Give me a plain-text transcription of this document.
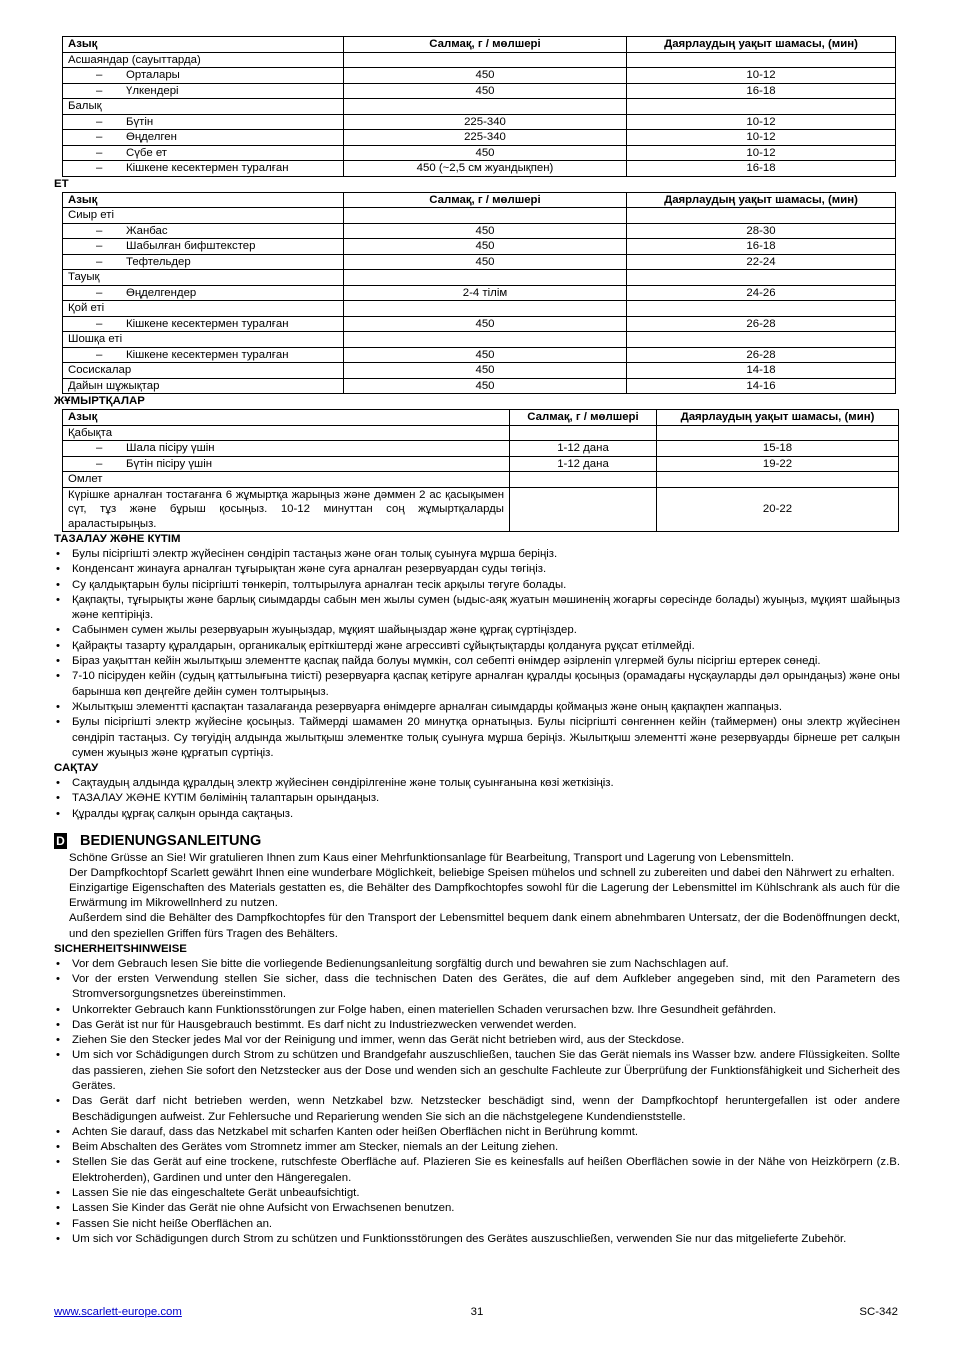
Азық	Салмақ, г / мөлшері	Даярлаудың уақыт шамасы, (мин)
Асшаяндар (сауыттарда)		

– Орталары	450	10-12

– Үлкендері	450	16-18
Балық		

– Бүтін	225-340	10-12

– Өңделген	225-340	10-12

– Сүбе ет	450	10-12

– Кішкене кесектермен туралған	450 (~2,5 см жуандықпен)	16-18
ЕТ
Азық	Салмақ, г / мөлшері	Даярлаудың уақыт шамасы, (мин)
Сиыр еті		

– Жанбас	450	28-30

– Шабылған бифштекстер	450	16-18

– Тефтельдер	450	22-24
Тауық		

– Өңделгендер	2-4 тілім	24-26
Қой еті		

– Кішкене кесектермен туралған	450	26-28
Шошқа еті		

– Кішкене кесектермен туралған	450	26-28
Сосискалар	450	14-18
Дайын шұжықтар	450	14-16
ЖҰМЫРТҚАЛАР
Азық	Салмақ, г / мөлшері	Даярлаудың уақыт шамасы, (мин)
Қабықта		

– Шала пісіру үшін	1-12 дана	15-18

– Бүтін пісіру үшін	1-12 дана	19-22
Омлет		
Күрішке арналған тостағанға 6 жұмыртқа жарыңыз және дәммен 2 ас қасықымен сүт, тұз және бұрыш қосыңыз. 10-12 минуттан соң жұмыртқаларды араластырыңыз.		20-22
ТАЗАЛАУ ЖӘНЕ КҮТІМ
• Булы пісіргішті электр жүйесінен сөндіріп тастаңыз және оған толық суынуға мұрша беріңіз.
• Конденсант жинауға арналған тұғырықтан және суға арналған резервуардан суды төгіңіз.
• Су қалдықтарын булы пісіргішті төнкеріп, толтырылуға арналған тесік арқылы төгуге болады.
• Қақпақты, тұғырықты және барлық сиымдарды сабын мен жылы сумен (ыдыс-аяқ жуатын мәшиненің жоғарғы сөресінде болады) жуыңыз, мұқият шайыңыз және кептіріңіз.
• Сабынмен сумен жылы резервуарын жуыңыздар, мұқият шайыңыздар және құрғақ сүртіңіздер.
• Қайрақты тазарту құралдарын, органикалық еріткіштерді және агрессивті сұйықтықтарды қолдануға рұқсат етілмейді.
• Біраз уақыттан кейін жылытқыш элементте қаспақ пайда болуы мүмкін, сол себепті өнімдер әзірленіп үлгермей булы пісіргіш ертерек сөнеді.
• 7-10 пісіруден кейін (судың қаттылығына тиісті) резервуарға қаспақ кетіруге арналған құралды қосыңыз (орамадағы нұсқауларды дәл орындаңыз) және оны барынша көп деңгейге дейін сумен толтырыңыз.
• Жылытқыш элементті қаспақтан тазалағанда резервуарға өнімдерге арналған сиымдарды қоймаңыз және оның қақпақпен жаппаңыз.
• Булы пісіргішті электр жүйесіне қосыңыз. Таймерді шамамен 20 минутқа орнатыңыз. Булы пісіргішті сөнгеннен кейін (таймермен) оны электр жүйесінен сөндіріп тастаңыз. Су төгуідің алдында жылытқыш элементке толық суынуға мұрша беріңіз. Жылытқыш элементті және резервуарды бірнеше рет салқын сумен жуыңыз және құрғатып сүртіңіз.
САҚТАУ
• Сақтаудың алдында құралдың электр жүйесінен сөндірілгеніне және толық суынғанына көзі жеткізіңіз.
• ТАЗАЛАУ ЖӘНЕ КҮТІМ бөлімінің талаптарын орындаңыз.
• Құралды құрғақ салқын орында сақтаңыз.
D BEDIENUNGSANLEITUNG

Schöne Grüsse an Sie! Wir gratulieren Ihnen zum Kaus einer Mehrfunktionsanlage für Bearbeitung, Transport und Lagerung von Lebensmitteln.

Der Dampfkochtopf Scarlett gewährt Ihnen eine wunderbare Möglichkeit, beliebige Speisen mühelos und schnell zu zubereiten und dabei den Nährwert zu erhalten.

Einzigartige Eigenschaften des Materials gestatten es, die Behälter des Dampfkochtopfes sowohl für die Lagerung der Lebensmittel im Kühlschrank als auch für die Erwärmung im Mikrowellnherd zu nutzen.

Außerdem sind die Behälter des Dampfkochtopfes für den Transport der Lebensmittel bequem dank einem abnehmbaren Untersatz, der die Bodenöffnungen deckt, und den speziellen Griffen fürs Tragen des Behälters.

SICHERHEITSHINWEISE
• Vor dem Gebrauch lesen Sie bitte die vorliegende Bedienungsanleitung sorgfältig durch und bewahren sie zum Nachschlagen auf.
• Vor der ersten Verwendung stellen Sie sicher, dass die technischen Daten des Gerätes, die auf dem Aufkleber angegeben sind, mit den Parametern des Stromversorgungsnetzes übereinstimmen.
• Unkorrekter Gebrauch kann Funktionsstörungen zur Folge haben, einen materiellen Schaden verursachen bzw. Ihre Gesundheit gefährden.
• Das Gerät ist nur für Hausgebrauch bestimmt. Es darf nicht zu Industriezwecken verwendet werden.
• Ziehen Sie den Stecker jedes Mal vor der Reinigung und immer, wenn das Gerät nicht betrieben wird, aus der Steckdose.
• Um sich vor Schädigungen durch Strom zu schützen und Brandgefahr auszuschließen, tauchen Sie das Gerät niemals ins Wasser bzw. andere Flüssigkeiten. Sollte das passieren, ziehen Sie sofort den Netzstecker aus der Dose und wenden sich an geschulte Fachleute zur Überprüfung der Funktionsfähigkeit und Sicherheit des Gerätes.
• Das Gerät darf nicht betrieben werden, wenn Netzkabel bzw. Netzstecker beschädigt sind, wenn der Dampfkochtopf heruntergefallen ist oder andere Beschädigungen aufweist. Zur Fehlersuche und Reparierung wenden Sie sich an die nächstgelegene Kundendienststelle.
• Achten Sie darauf, dass das Netzkabel mit scharfen Kanten oder heißen Oberflächen nicht in Berührung kommt.
• Beim Abschalten des Gerätes vom Stromnetz immer am Stecker, niemals an der Leitung ziehen.
• Stellen Sie das Gerät auf eine trockene, rutschfeste Oberfläche auf. Plazieren Sie es keinesfalls auf heißen Oberflächen sowie in der Nähe von Heizkörpern (z.B. Elektroherden), Gardinen und unter den Hängeregalen.
• Lassen Sie nie das eingeschaltete Gerät unbeaufsichtigt.
• Lassen Sie Kinder das Gerät nie ohne Aufsicht von Erwachsenen benutzen.
• Fassen Sie nicht heiße Oberflächen an.
• Um sich vor Schädigungen durch Strom zu schützen und Funktionsstörungen des Gerätes auszuschließen, verwenden Sie nur das mitgelieferte Zubehör.
www.scarlett-europe.com	31	SC-342
